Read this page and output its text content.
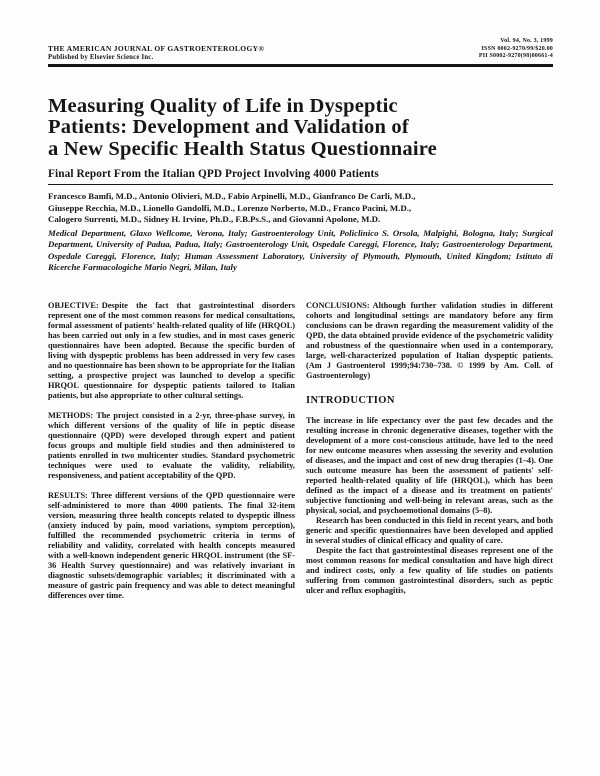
THE AMERICAN JOURNAL OF GASTROENTEROLOGY®
Published by Elsevier Science Inc.
Vol. 94, No. 3, 1999
ISSN 0002-9270/99/$20.00
PII S0002-9270(98)00661-4
Measuring Quality of Life in Dyspeptic
Patients: Development and Validation of
a New Specific Health Status Questionnaire
Final Report From the Italian QPD Project Involving 4000 Patients
Francesco Bamfi, M.D., Antonio Olivieri, M.D., Fabio Arpinelli, M.D., Gianfranco De Carli, M.D.,
Giuseppe Recchia, M.D., Lionello Gandolfi, M.D., Lorenzo Norberto, M.D., Franco Pacini, M.D.,
Calogero Surrenti, M.D., Sidney H. Irvine, Ph.D., F.B.Ps.S., and Giovanni Apolone, M.D.
Medical Department, Glaxo Wellcome, Verona, Italy; Gastroenterology Unit, Policlinico S. Orsola, Malpighi, Bologna, Italy; Surgical Department, University of Padua, Padua, Italy; Gastroenterology Unit, Ospedale Careggi, Florence, Italy; Gastroenterology Department, Ospedale Careggi, Florence, Italy; Human Assessment Laboratory, University of Plymouth, Plymouth, United Kingdom; Istituto di Ricerche Farmacologiche Mario Negri, Milan, Italy

OBJECTIVE: Despite the fact that gastrointestinal disorders represent one of the most common reasons for medical consultations, formal assessment of patients' health-related quality of life (HRQOL) has been carried out only in a few studies, and in most cases generic questionnaires have been adopted. Because the specific burden of living with dyspeptic problems has been addressed in very few cases and no questionnaire has been shown to be appropriate for the Italian setting, a prospective project was launched to develop a specific HRQOL questionnaire for dyspeptic patients tailored to Italian patients, but also appropriate to other cultural settings.

METHODS: The project consisted in a 2-yr, three-phase survey, in which different versions of the quality of life in peptic disease questionnaire (QPD) were developed through expert and patient focus groups and multiple field studies and then administered to patients enrolled in two multicenter studies. Standard psychometric techniques were used to evaluate the validity, reliability, responsiveness, and patient acceptability of the QPD.

RESULTS: Three different versions of the QPD questionnaire were self-administered to more than 4000 patients. The final 32-item version, measuring three health concepts related to dyspeptic illness (anxiety induced by pain, mood variations, symptom perception), fulfilled the recommended psychometric criteria in terms of reliability and validity, correlated with health concepts measured with a well-known independent generic HRQOL instrument (the SF-36 Health Survey questionnaire) and was relatively invariant in diagnostic subsets/demographic variables; it discriminated with a measure of gastric pain frequency and was able to detect meaningful differences over time.

CONCLUSIONS: Although further validation studies in different cohorts and longitudinal settings are mandatory before any firm conclusions can be drawn regarding the measurement validity of the QPD, the data obtained provide evidence of the psychometric validity and robustness of the questionnaire when used in a contemporary, large, well-characterized population of Italian dyspeptic patients. (Am J Gastroenterol 1999;94:730–738. © 1999 by Am. Coll. of Gastroenterology)

INTRODUCTION

The increase in life expectancy over the past few decades and the resulting increase in chronic degenerative diseases, together with the development of a more cost-conscious attitude, have led to the need for new outcome measures when assessing the severity and evolution of diseases, and the impact and cost of new drug therapies (1–4). One such outcome measure has been the assessment of patients' self-reported health-related quality of life (HRQOL), which has been defined as the impact of a disease and its treatment on patients' subjective functioning and well-being in relevant areas, such as the physical, social, and psychoemotional domains (5–8).

Research has been conducted in this field in recent years, and both generic and specific questionnaires have been developed and applied in several studies of clinical efficacy and quality of care.

Despite the fact that gastrointestinal diseases represent one of the most common reasons for medical consultation and have high direct and indirect costs, only a few quality of life studies on patients suffering from common gastrointestinal disorders, such as peptic ulcer and reflux esophagitis,
